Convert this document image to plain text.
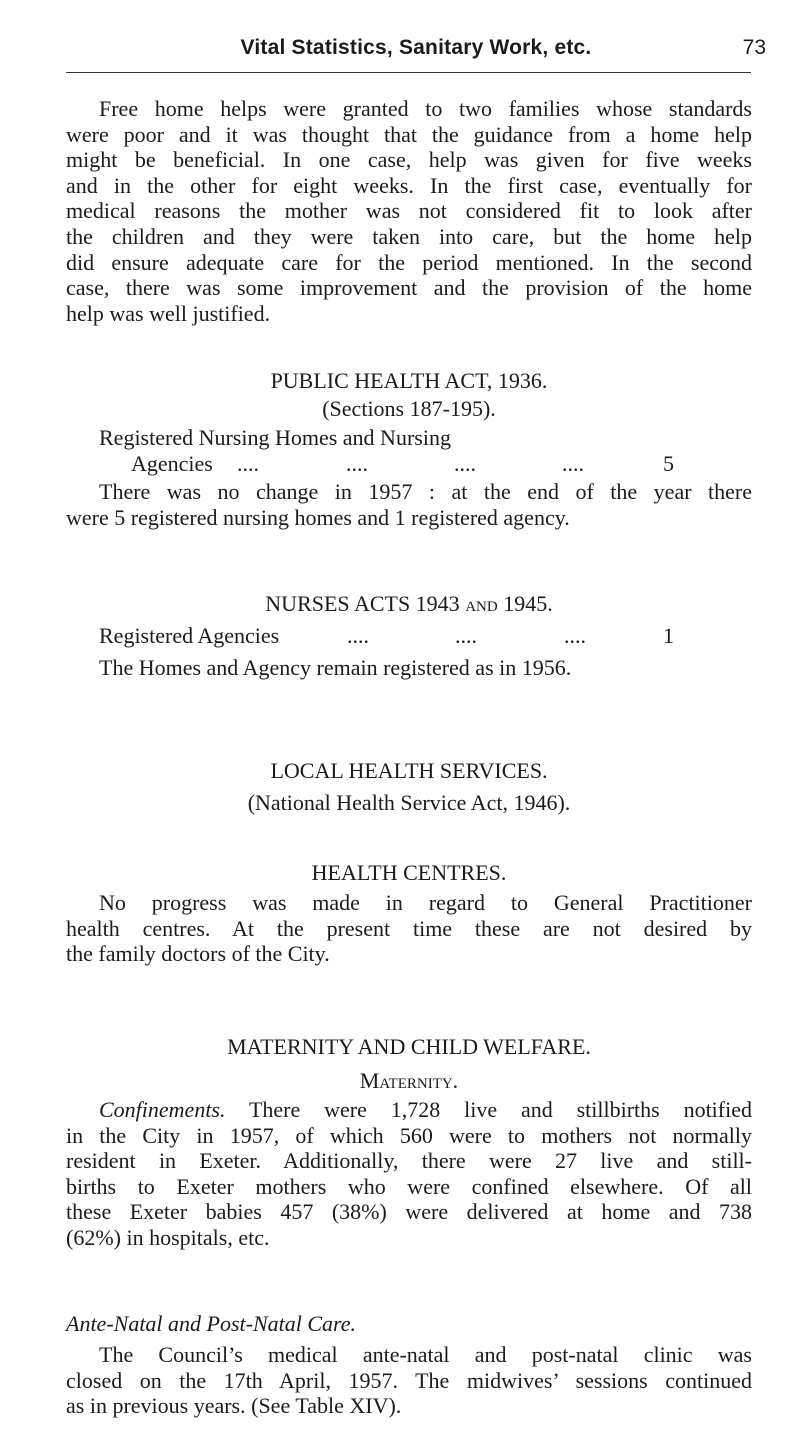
Vital Statistics, Sanitary Work, etc.	73
Free home helps were granted to two families whose standards
were poor and it was thought that the guidance from a home help
might be beneficial. In one case, help was given for five weeks
and in the other for eight weeks. In the first case, eventually for
medical reasons the mother was not considered fit to look after
the children and they were taken into care, but the home help
did ensure adequate care for the period mentioned. In the second
case, there was some improvement and the provision of the home
help was well justified.
PUBLIC HEALTH ACT, 1936.
(Sections 187-195).
Registered Nursing Homes and Nursing
Agencies ....	....	....	....	5
There was no change in 1957 : at the end of the year there
were 5 registered nursing homes and 1 registered agency.
NURSES ACTS 1943 and 1945.
Registered Agencies	....	....	....	1
The Homes and Agency remain registered as in 1956.
LOCAL HEALTH SERVICES.
(National Health Service Act, 1946).
HEALTH CENTRES.
No progress was made in regard to General Practitioner
health centres. At the present time these are not desired by
the family doctors of the City.
MATERNITY AND CHILD WELFARE.
Maternity.
Confinements. There were 1,728 live and stillbirths notified
in the City in 1957, of which 560 were to mothers not normally
resident in Exeter. Additionally, there were 27 live and still-
births to Exeter mothers who were confined elsewhere. Of all
these Exeter babies 457 (38%) were delivered at home and 738
(62%) in hospitals, etc.
Ante-Natal and Post-Natal Care.
The Council’s medical ante-natal and post-natal clinic was
closed on the 17th April, 1957. The midwives’ sessions continued
as in previous years. (See Table XIV).
